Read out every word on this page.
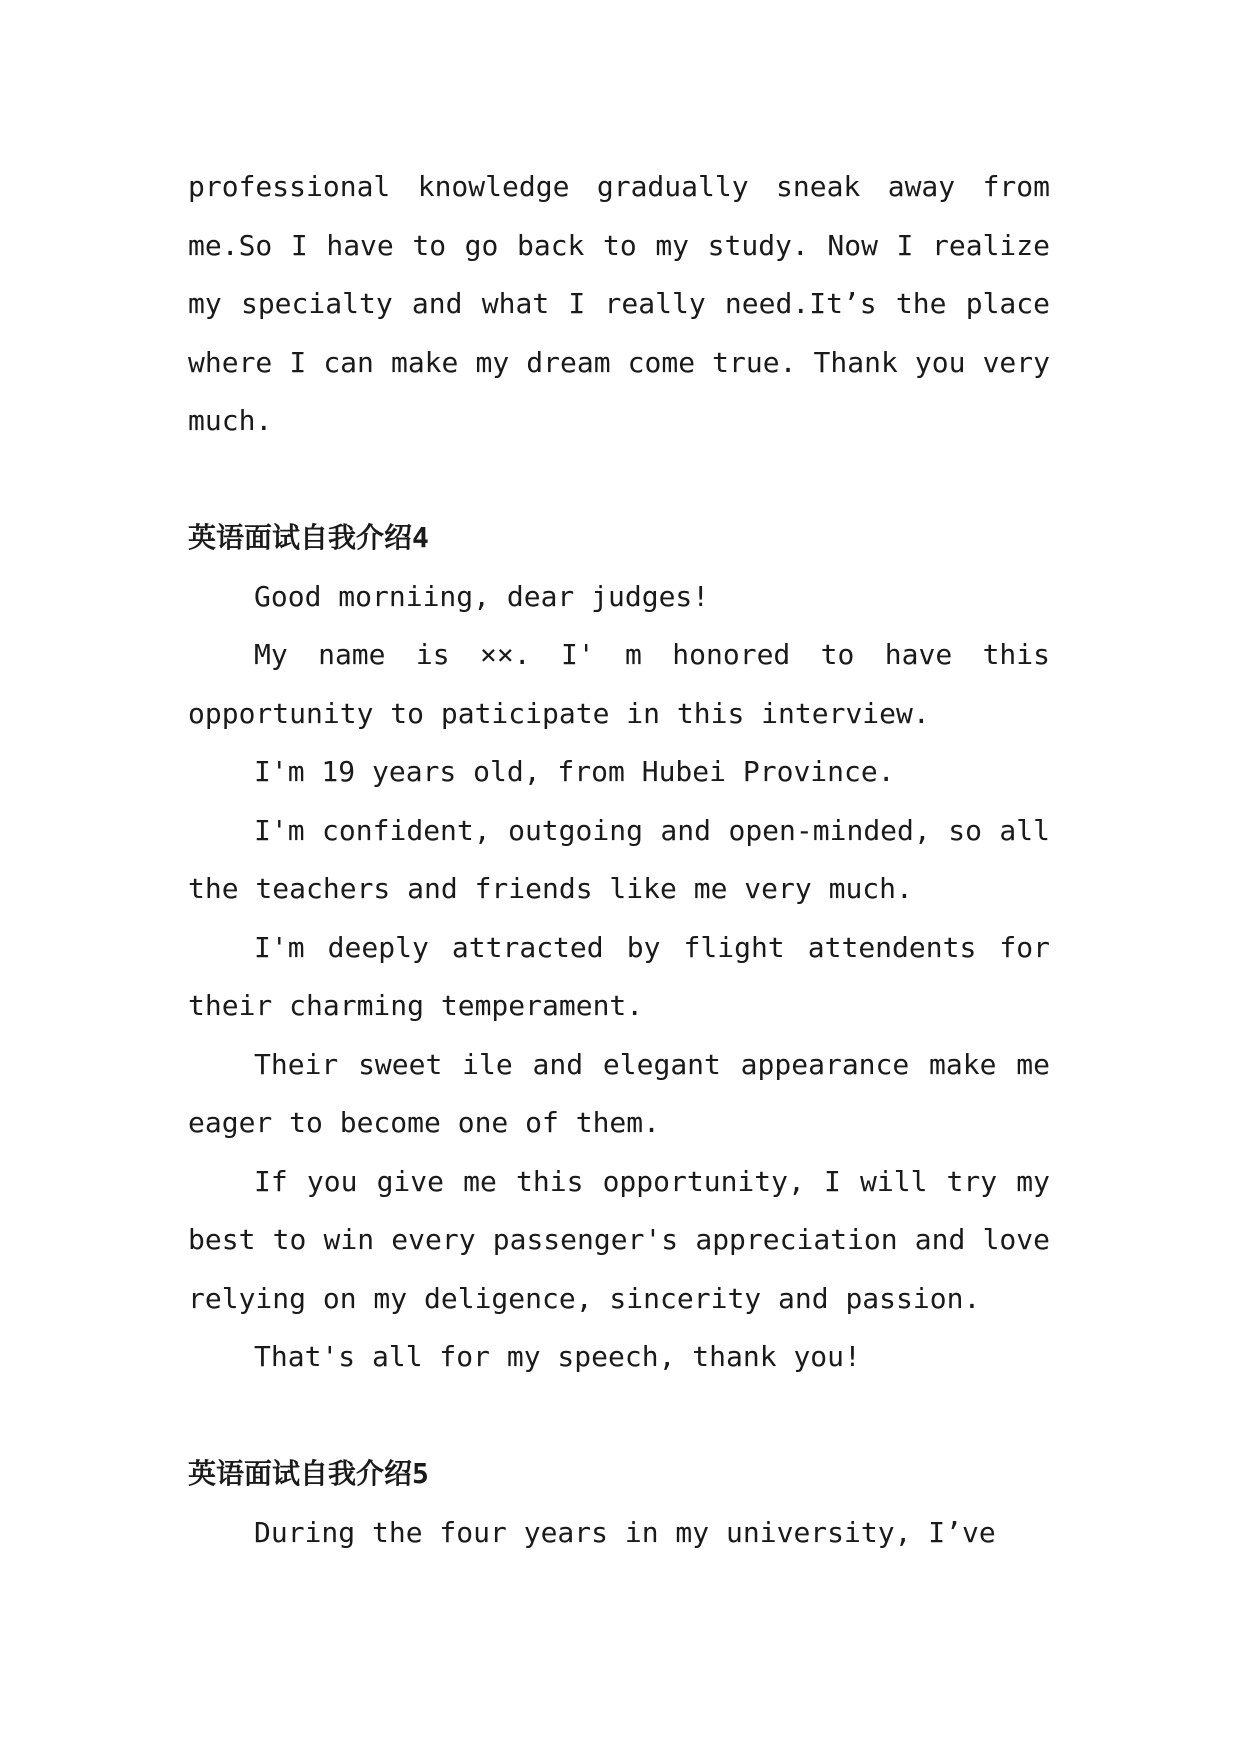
professional knowledge gradually sneak away from me.So I have to go back to my study. Now I realize my specialty and what I really need.It’s the place where I can make my dream come true. Thank you very much.

英语面试自我介绍4

Good morniing, dear judges!

My name is ××. I' m honored to have this opportunity to paticipate in this interview.

I'm 19 years old, from Hubei Province.

I'm confident, outgoing and open-minded, so all the teachers and friends like me very much.

I'm deeply attracted by flight attendents for their charming temperament.

Their sweet ile and elegant appearance make me eager to become one of them.

If you give me this opportunity, I will try my best to win every passenger's appreciation and love relying on my deligence, sincerity and passion.

That's all for my speech, thank you!

英语面试自我介绍5

During the four years in my university, I’ve
